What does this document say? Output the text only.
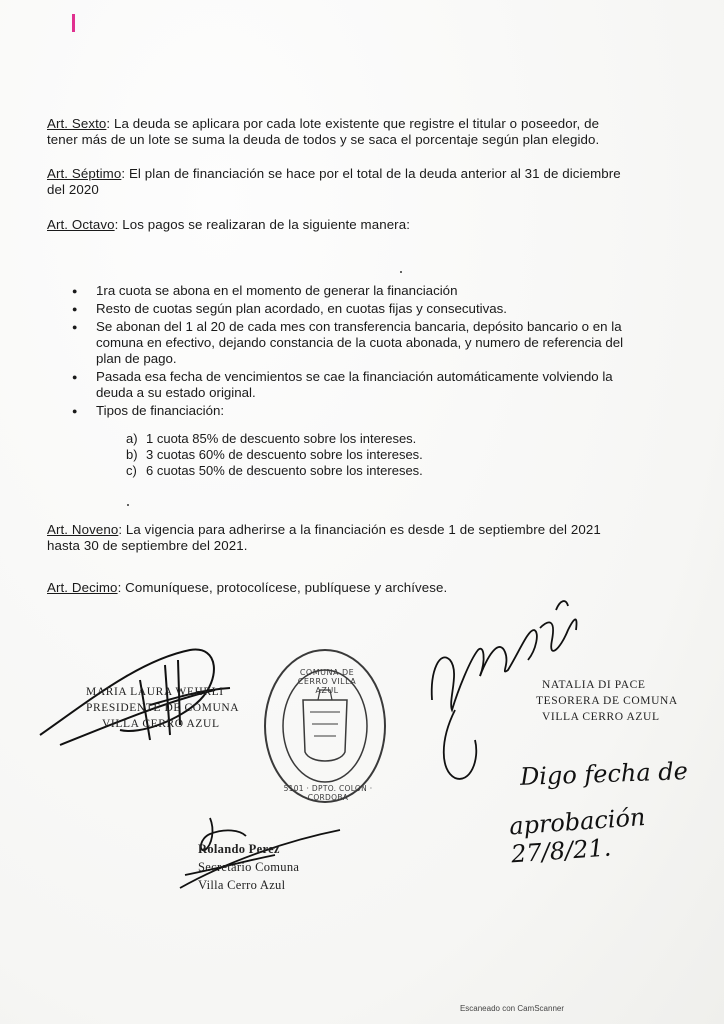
Art. Sexto: La deuda se aplicara por cada lote existente que registre el titular o poseedor, de tener más de un lote se suma la deuda de todos y se saca el porcentaje según plan elegido.
Art. Séptimo: El plan de financiación se hace por el total de la deuda anterior al 31 de diciembre del 2020
Art. Octavo: Los pagos se realizaran de la siguiente manera:
● 1ra cuota se abona en el momento de generar la financiación
● Resto de cuotas según plan acordado, en cuotas fijas y consecutivas.
● Se abonan del 1 al 20 de cada mes con transferencia bancaria, depósito bancario o en la comuna en efectivo, dejando constancia de la cuota abonada, y numero de referencia del plan de pago.
● Pasada esa fecha de vencimientos se cae la financiación automáticamente volviendo la deuda a su estado original.
● Tipos de financiación:
a) 1 cuota 85% de descuento sobre los intereses.
b) 3 cuotas 60% de descuento sobre los intereses.
c) 6 cuotas 50% de descuento sobre los intereses.
Art. Noveno: La vigencia para adherirse a la financiación es desde 1 de septiembre del 2021 hasta 30 de septiembre del 2021.
Art. Decimo: Comuníquese, protocolícese, publíquese y archívese.
COMUNA DE CERRO VILLA AZUL
5101 · DPTO. COLON · CORDOBA
MARIA LAURA WEHRLI
PRESIDENTE DE COMUNA
VILLA CERRO AZUL
NATALIA DI PACE
TESORERA DE COMUNA
VILLA CERRO AZUL
Rolando Perez
Secretario Comuna
Villa Cerro Azul
Digo fecha de
aprobación 27/8/21.
Escaneado con CamScanner
